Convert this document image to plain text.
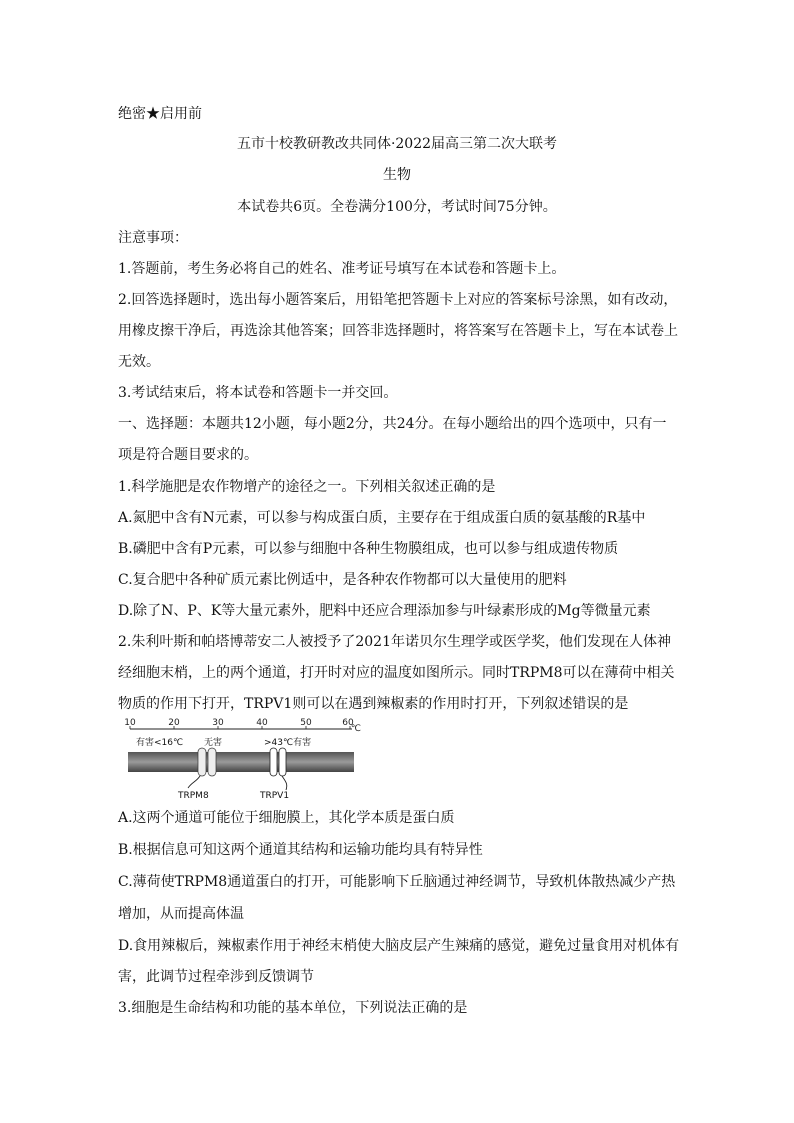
绝密★启用前
五市十校教研教改共同体·2022届高三第二次大联考
生物
本试卷共6页。全卷满分100分，考试时间75分钟。
注意事项：
1.答题前，考生务必将自己的姓名、准考证号填写在本试卷和答题卡上。
2.回答选择题时，选出每小题答案后，用铅笔把答题卡上对应的答案标号涂黑，如有改动，
用橡皮擦干净后，再选涂其他答案；回答非选择题时，将答案写在答题卡上，写在本试卷上
无效。
3.考试结束后，将本试卷和答题卡一并交回。
一、选择题：本题共12小题，每小题2分，共24分。在每小题给出的四个选项中，只有一
项是符合题目要求的。
1.科学施肥是农作物增产的途径之一。下列相关叙述正确的是
A.氮肥中含有N元素，可以参与构成蛋白质，主要存在于组成蛋白质的氨基酸的R基中
B.磷肥中含有P元素，可以参与细胞中各种生物膜组成，也可以参与组成遗传物质
C.复合肥中各种矿质元素比例适中，是各种农作物都可以大量使用的肥料
D.除了N、P、K等大量元素外，肥料中还应合理添加参与叶绿素形成的Mg等微量元素
2.朱利叶斯和帕塔博蒂安二人被授予了2021年诺贝尔生理学或医学奖，他们发现在人体神
经细胞末梢，上的两个通道，打开时对应的温度如图所示。同时TRPM8可以在薄荷中相关
物质的作用下打开，TRPV1则可以在遇到辣椒素的作用时打开，下列叙述错误的是
10	20	30	40	50	60
℃
有害<16℃ 无害	>43℃有害
TRPM8	TRPV1
A.这两个通道可能位于细胞膜上，其化学本质是蛋白质
B.根据信息可知这两个通道其结构和运输功能均具有特异性
C.薄荷使TRPM8通道蛋白的打开，可能影响下丘脑通过神经调节，导致机体散热减少产热
增加，从而提高体温
D.食用辣椒后，辣椒素作用于神经末梢使大脑皮层产生辣痛的感觉，避免过量食用对机体有
害，此调节过程牵涉到反馈调节
3.细胞是生命结构和功能的基本单位，下列说法正确的是
